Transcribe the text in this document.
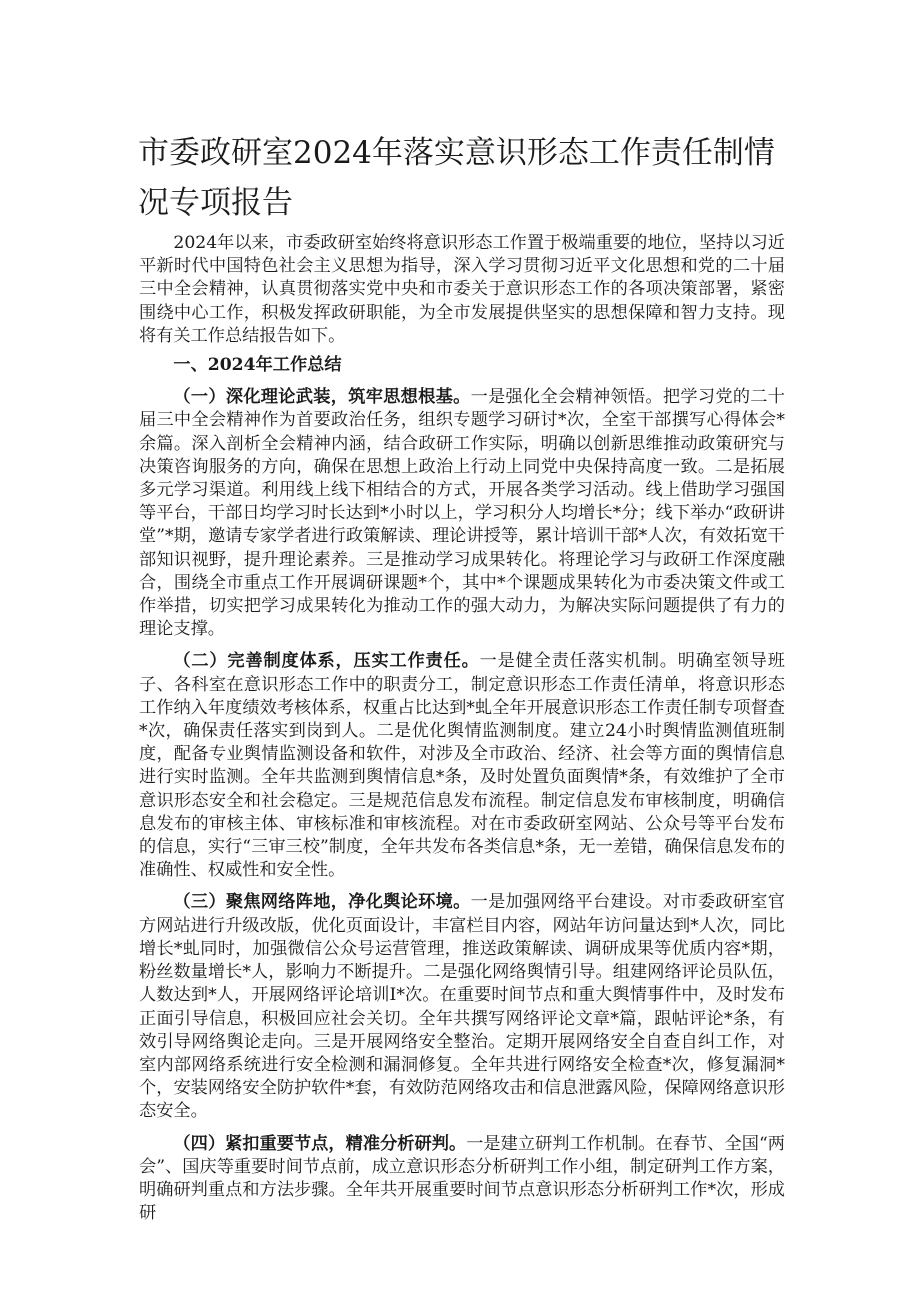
市委政研室2024年落实意识形态工作责任制情况专项报告

2024年以来，市委政研室始终将意识形态工作置于极端重要的地位，坚持以习近平新时代中国特色社会主义思想为指导，深入学习贯彻习近平文化思想和党的二十届三中全会精神，认真贯彻落实党中央和市委关于意识形态工作的各项决策部署，紧密围绕中心工作，积极发挥政研职能，为全市发展提供坚实的思想保障和智力支持。现将有关工作总结报告如下。

一、2024年工作总结

（一）深化理论武装，筑牢思想根基。一是强化全会精神领悟。把学习党的二十届三中全会精神作为首要政治任务，组织专题学习研讨*次，全室干部撰写心得体会*余篇。深入剖析全会精神内涵，结合政研工作实际，明确以创新思维推动政策研究与决策咨询服务的方向，确保在思想上政治上行动上同党中央保持高度一致。二是拓展多元学习渠道。利用线上线下相结合的方式，开展各类学习活动。线上借助学习强国等平台，干部日均学习时长达到*小时以上，学习积分人均增长*分；线下举办“政研讲堂”*期，邀请专家学者进行政策解读、理论讲授等，累计培训干部*人次，有效拓宽干部知识视野，提升理论素养。三是推动学习成果转化。将理论学习与政研工作深度融合，围绕全市重点工作开展调研课题*个，其中*个课题成果转化为市委决策文件或工作举措，切实把学习成果转化为推动工作的强大动力，为解决实际问题提供了有力的理论支撑。

（二）完善制度体系，压实工作责任。一是健全责任落实机制。明确室领导班子、各科室在意识形态工作中的职责分工，制定意识形态工作责任清单，将意识形态工作纳入年度绩效考核体系，权重占比达到*虬全年开展意识形态工作责任制专项督查*次，确保责任落实到岗到人。二是优化舆情监测制度。建立24小时舆情监测值班制度，配备专业舆情监测设备和软件，对涉及全市政治、经济、社会等方面的舆情信息进行实时监测。全年共监测到舆情信息*条，及时处置负面舆情*条，有效维护了全市意识形态安全和社会稳定。三是规范信息发布流程。制定信息发布审核制度，明确信息发布的审核主体、审核标准和审核流程。对在市委政研室网站、公众号等平台发布的信息，实行“三审三校”制度，全年共发布各类信息*条，无一差错，确保信息发布的准确性、权威性和安全性。

（三）聚焦网络阵地，净化舆论环境。一是加强网络平台建设。对市委政研室官方网站进行升级改版，优化页面设计，丰富栏目内容，网站年访问量达到*人次，同比增长*虬同时，加强微信公众号运营管理，推送政策解读、调研成果等优质内容*期，粉丝数量增长*人，影响力不断提升。二是强化网络舆情引导。组建网络评论员队伍，人数达到*人，开展网络评论培训I*次。在重要时间节点和重大舆情事件中，及时发布正面引导信息，积极回应社会关切。全年共撰写网络评论文章*篇，跟帖评论*条，有效引导网络舆论走向。三是开展网络安全整治。定期开展网络安全自查自纠工作，对室内部网络系统进行安全检测和漏洞修复。全年共进行网络安全检查*次，修复漏洞*个，安装网络安全防护软件*套，有效防范网络攻击和信息泄露风险，保障网络意识形态安全。

（四）紧扣重要节点，精准分析研判。一是建立研判工作机制。在春节、全国“两会”、国庆等重要时间节点前，成立意识形态分析研判工作小组，制定研判工作方案，明确研判重点和方法步骤。全年共开展重要时间节点意识形态分析研判工作*次，形成研
